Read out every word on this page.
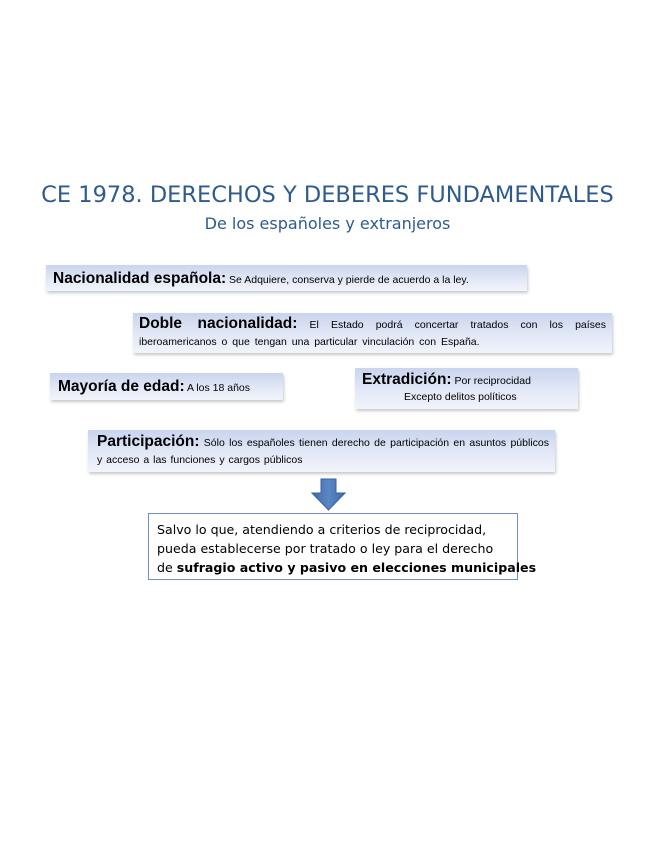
CE 1978. DERECHOS Y DEBERES FUNDAMENTALES
De los españoles y extranjeros
Nacionalidad española: Se Adquiere, conserva y pierde de acuerdo a la ley.
Doble nacionalidad: El Estado podrá concertar tratados con los países iberoamericanos o que tengan una particular vinculación con España.
Mayoría de edad: A los 18 años	Extradición: Por reciprocidad
Excepto delitos políticos
Participación: Sólo los españoles tienen derecho de participación en asuntos públicos y acceso a las funciones y cargos públicos
Salvo lo que, atendiendo a criterios de reciprocidad,
pueda establecerse por tratado o ley para el derecho
de sufragio activo y pasivo en elecciones municipales
